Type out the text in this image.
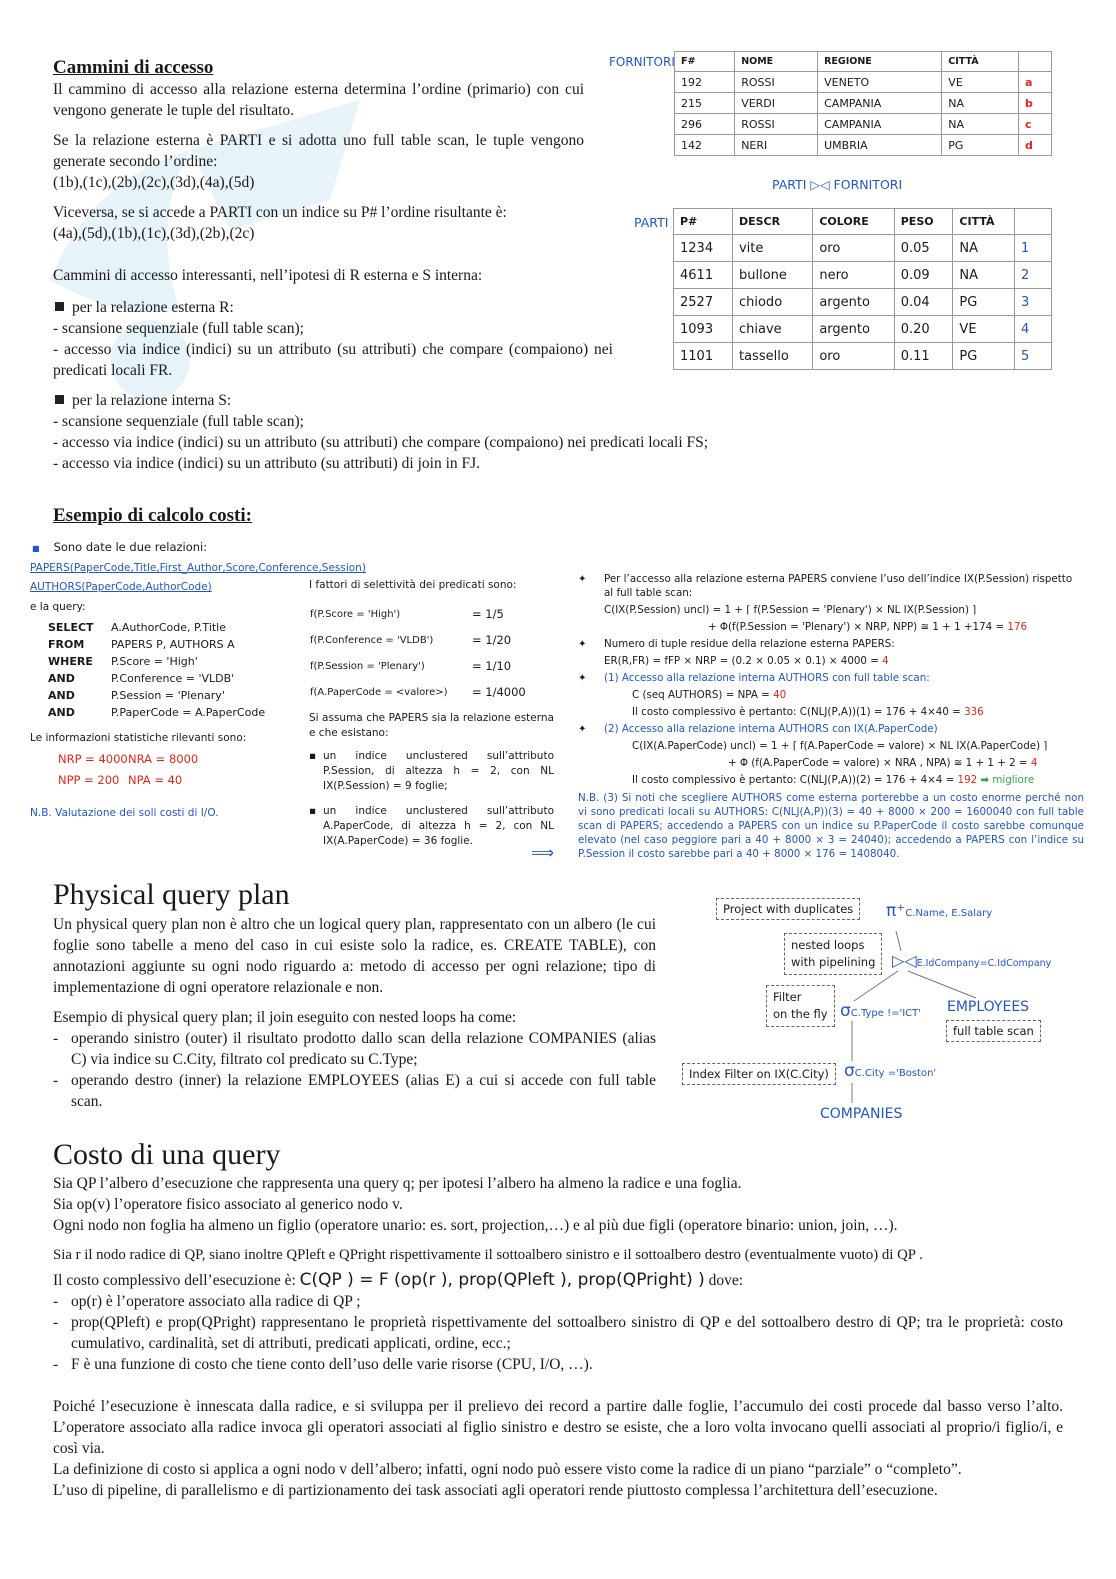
Cammini di accesso

Il cammino di accesso alla relazione esterna determina l’ordine (primario) con cui vengono generate le tuple del risultato.

Se la relazione esterna è PARTI e si adotta uno full table scan, le tuple vengono generate secondo l’ordine:

(1b),(1c),(2b),(2c),(3d),(4a),(5d)

Viceversa, se si accede a PARTI con un indice su P# l’ordine risultante è:

(4a),(5d),(1b),(1c),(3d),(2b),(2c)

Cammini di accesso interessanti, nell’ipotesi di R esterna e S interna:

per la relazione esterna R:

- scansione sequenziale (full table scan);

- accesso via indice (indici) su un attributo (su attributi) che compare (compaiono) nei predicati locali FR.

per la relazione interna S:

- scansione sequenziale (full table scan);

- accesso via indice (indici) su un attributo (su attributi) che compare (compaiono) nei predicati locali FS;

- accesso via indice (indici) su un attributo (su attributi) di join in FJ.

FORNITORI F#	NOME	REGIONE	CITTÀ	
192	ROSSI	VENETO	VE	a
215	VERDI	CAMPANIA	NA	b
296	ROSSI	CAMPANIA	NA	c
142	NERI	UMBRIA	PG	d
PARTI ▷◁ FORNITORI
PARTI P#	DESCR	COLORE	PESO	CITTÀ	
1234	vite	oro	0.05	NA	1
4611	bullone	nero	0.09	NA	2
2527	chiodo	argento	0.04	PG	3
1093	chiave	argento	0.20	VE	4
1101	tassello	oro	0.11	PG	5
Esempio di calcolo costi:
■ Sono date le due relazioni:
PAPERS(PaperCode,Title,First_Author,Score,Conference,Session)
AUTHORS(PaperCode,AuthorCode)
e la query:
SELECT	A.AuthorCode, P.Title
FROM	PAPERS P, AUTHORS A
WHERE	P.Score = 'High'
AND	P.Conference = 'VLDB'
AND	P.Session = 'Plenary'
AND	P.PaperCode = A.PaperCode
Le informazioni statistiche rilevanti sono:
NRP = 4000NRA = 8000
NPP = 200 NPA = 40
N.B. Valutazione dei soli costi di I/O.
I fattori di selettività dei predicati sono:
f(P.Score = 'High')	= 1/5
f(P.Conference = 'VLDB')	= 1/20
f(P.Session = 'Plenary')	= 1/10
f(A.PaperCode = <valore>)	= 1/4000
Si assuma che PAPERS sia la relazione esterna e che esistano:
▪ un indice unclustered sull’attributo P.Session, di altezza h = 2, con NL IX(P.Session) = 9 foglie;
▪ un indice unclustered sull’attributo A.PaperCode, di altezza h = 2, con NL IX(A.PaperCode) = 36 foglie.
⟹
✦ Per l’accesso alla relazione esterna PAPERS conviene l’uso dell’indice IX(P.Session) rispetto al full table scan:
C(IX(P.Session) uncl) = 1 + ⌈ f(P.Session = 'Plenary') × NL IX(P.Session) ⌉
+ Φ(f(P.Session = 'Plenary') × NRP, NPP) ≅ 1 + 1 +174 = 176
✦ Numero di tuple residue della relazione esterna PAPERS:
ER(R,FR) = fFP × NRP = (0.2 × 0.05 × 0.1) × 4000 = 4
✦ (1) Accesso alla relazione interna AUTHORS con full table scan:
C (seq AUTHORS) = NPA = 40
Il costo complessivo è pertanto: C(NLJ(P,A))(1) = 176 + 4×40 = 336
✦ (2) Accesso alla relazione interna AUTHORS con IX(A.PaperCode)
C(IX(A.PaperCode) uncl) = 1 + ⌈ f(A.PaperCode = valore) × NL IX(A.PaperCode) ⌉
+ Φ (f(A.PaperCode = valore) × NRA , NPA) ≅ 1 + 1 + 2 = 4
Il costo complessivo è pertanto: C(NLJ(P,A))(2) = 176 + 4×4 = 192 ➡ migliore
N.B. (3) Si noti che scegliere AUTHORS come esterna porterebbe a un costo enorme perché non vi sono predicati locali su AUTHORS: C(NLJ(A,P))(3) = 40 + 8000 × 200 = 1600040 con full table scan di PAPERS; accedendo a PAPERS con un indice su P.PaperCode il costo sarebbe comunque elevato (nel caso peggiore pari a 40 + 8000 × 3 = 24040); accedendo a PAPERS con l’indice su P.Session il costo sarebbe pari a 40 + 8000 × 176 = 1408040.
Physical query plan

Un physical query plan non è altro che un logical query plan, rappresentato con un albero (le cui foglie sono tabelle a meno del caso in cui esiste solo la radice, es. CREATE TABLE), con annotazioni aggiunte su ogni nodo riguardo a: metodo di accesso per ogni relazione; tipo di implementazione di ogni operatore relazionale e non.

Esempio di physical query plan; il join eseguito con nested loops ha come:

- operando sinistro (outer) il risultato prodotto dallo scan della relazione COMPANIES (alias C) via indice su C.City, filtrato col predicato su C.Type;
- operando destro (inner) la relazione EMPLOYEES (alias E) a cui si accede con full table scan.
Project with duplicates	π⁺C.Name, E.Salary
nested loops
with pipelining ▷◁E.IdCompany=C.IdCompany
Filter
on the fly σC.Type !='ICT' EMPLOYEES
full table scan
Index Filter on IX(C.City) σC.City ='Boston'
COMPANIES
Costo di una query

Sia QP l’albero d’esecuzione che rappresenta una query q; per ipotesi l’albero ha almeno la radice e una foglia.

Sia op(v) l’operatore fisico associato al generico nodo v.

Ogni nodo non foglia ha almeno un figlio (operatore unario: es. sort, projection,…) e al più due figli (operatore binario: union, join, …).

Sia r il nodo radice di QP, siano inoltre QPleft e QPright rispettivamente il sottoalbero sinistro e il sottoalbero destro (eventualmente vuoto) di QP .

Il costo complessivo dell’esecuzione è: C(QP ) = F (op(r ), prop(QPleft ), prop(QPright) ) dove:

- op(r) è l’operatore associato alla radice di QP ;
- prop(QPleft) e prop(QPright) rappresentano le proprietà rispettivamente del sottoalbero sinistro di QP e del sottoalbero destro di QP; tra le proprietà: costo cumulativo, cardinalità, set di attributi, predicati applicati, ordine, ecc.;
- F è una funzione di costo che tiene conto dell’uso delle varie risorse (CPU, I/O, …).

Poiché l’esecuzione è innescata dalla radice, e si sviluppa per il prelievo dei record a partire dalle foglie, l’accumulo dei costi procede dal basso verso l’alto. L’operatore associato alla radice invoca gli operatori associati al figlio sinistro e destro se esiste, che a loro volta invocano quelli associati al proprio/i figlio/i, e così via.

La definizione di costo si applica a ogni nodo v dell’albero; infatti, ogni nodo può essere visto come la radice di un piano “parziale” o “completo”.

L’uso di pipeline, di parallelismo e di partizionamento dei task associati agli operatori rende piuttosto complessa l’architettura dell’esecuzione.
